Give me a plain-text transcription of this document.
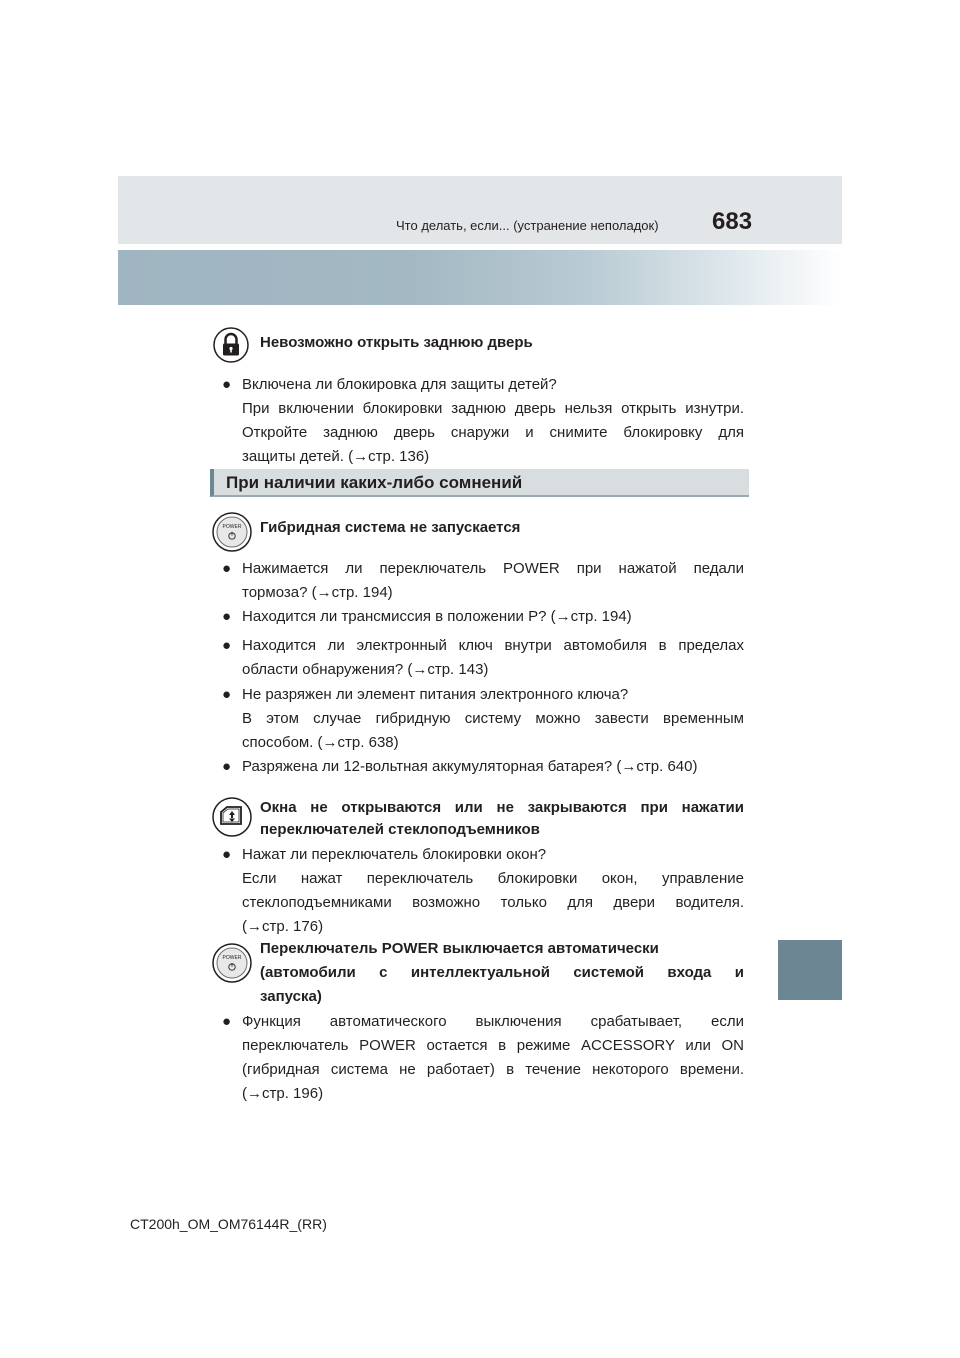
Что делать, если... (устранение неполадок) 683
Невозможно открыть заднюю дверь
● Включена ли блокировка для защиты детей?
При включении блокировки заднюю дверь нельзя открыть изнутри.
Откройте заднюю дверь снаружи и снимите блокировку для
защиты детей. (→стр. 136)
При наличии каких-либо сомнений
POWER Гибридная система не запускается
● Нажимается ли переключатель POWER при нажатой педали
тормоза? (→стр. 194)
● Находится ли трансмиссия в положении P? (→стр. 194)
● Находится ли электронный ключ внутри автомобиля в пределах
области обнаружения? (→стр. 143)
● Не разряжен ли элемент питания электронного ключа?
В этом случае гибридную систему можно завести временным
способом. (→стр. 638)
● Разряжена ли 12-вольтная аккумуляторная батарея? (→стр. 640)
Окна не открываются или не закрываются при нажатии
переключателей стеклоподъемников
● Нажат ли переключатель блокировки окон?
Если нажат переключатель блокировки окон, управление
стеклоподъемниками возможно только для двери водителя.
(→стр. 176)
POWER
Переключатель POWER выключается автоматически
(автомобили с интеллектуальной системой входа и
запуска)
● Функция автоматического выключения срабатывает, если
переключатель POWER остается в режиме ACCESSORY или ON
(гибридная система не работает) в течение некоторого времени.
(→стр. 196)
CT200h_OM_OM76144R_(RR)
